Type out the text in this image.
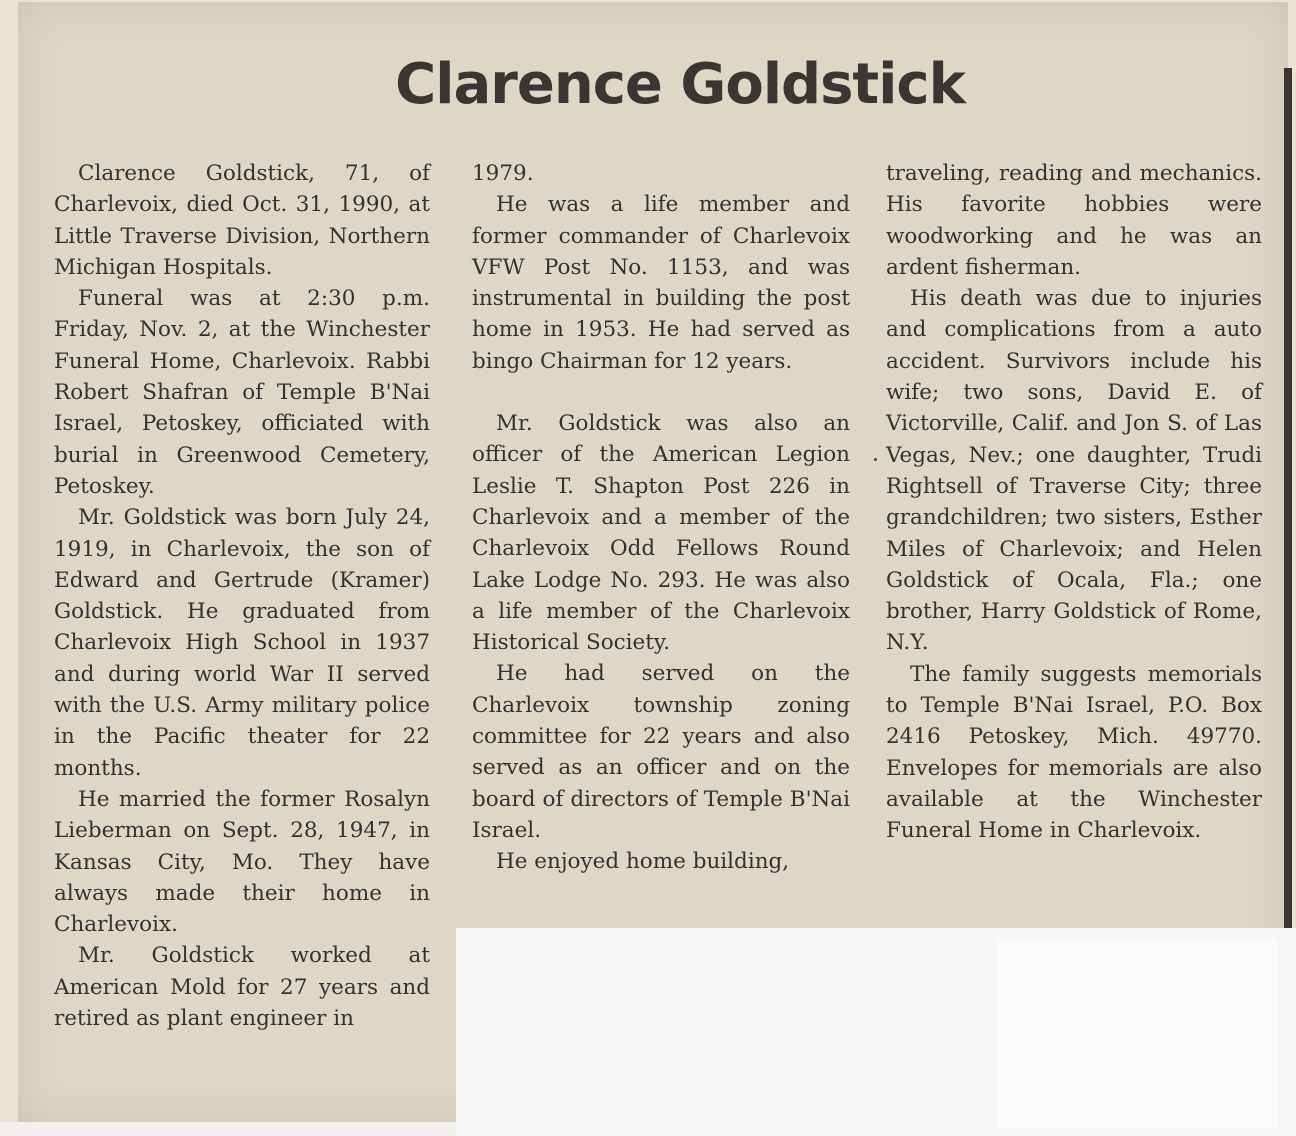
Clarence Goldstick

Clarence Goldstick, 71, of Charlevoix, died Oct. 31, 1990, at Little Traverse Division, Northern Michigan Hospitals.

Funeral was at 2:30 p.m. Friday, Nov. 2, at the Winchester Funeral Home, Charlevoix. Rabbi Robert Shafran of Temple B'Nai Israel, Petoskey, officiated with burial in Greenwood Cemetery, Petoskey.

Mr. Goldstick was born July 24, 1919, in Charlevoix, the son of Edward and Gertrude (Kramer) Goldstick. He graduated from Charlevoix High School in 1937 and during world War II served with the U.S. Army military police in the Pacific theater for 22 months.

He married the former Rosalyn Lieberman on Sept. 28, 1947, in Kansas City, Mo. They have always made their home in Charlevoix.

Mr. Goldstick worked at American Mold for 27 years and retired as plant engineer in

1979.

He was a life member and former commander of Charlevoix VFW Post No. 1153, and was instrumental in building the post home in 1953. He had served as bingo Chairman for 12 years.

Mr. Goldstick was also an officer of the American Legion Leslie T. Shapton Post 226 in Charlevoix and a member of the Charlevoix Odd Fellows Round Lake Lodge No. 293. He was also a life member of the Charlevoix Historical Society.

He had served on the Charlevoix township zoning committee for 22 years and also served as an officer and on the board of directors of Temple B'Nai Israel.

He enjoyed home building,

traveling, reading and mechanics. His favorite hobbies were woodworking and he was an ardent fisherman.

His death was due to injuries and complications from a auto accident. Survivors include his wife; two sons, David E. of Victorville, Calif. and Jon S. of Las Vegas, Nev.; one daughter, Trudi Rightsell of Traverse City; three grandchildren; two sisters, Esther Miles of Charlevoix; and Helen Goldstick of Ocala, Fla.; one brother, Harry Goldstick of Rome, N.Y.

The family suggests memorials to Temple B'Nai Israel, P.O. Box 2416 Petoskey, Mich. 49770. Envelopes for memorials are also available at the Winchester Funeral Home in Charlevoix.
